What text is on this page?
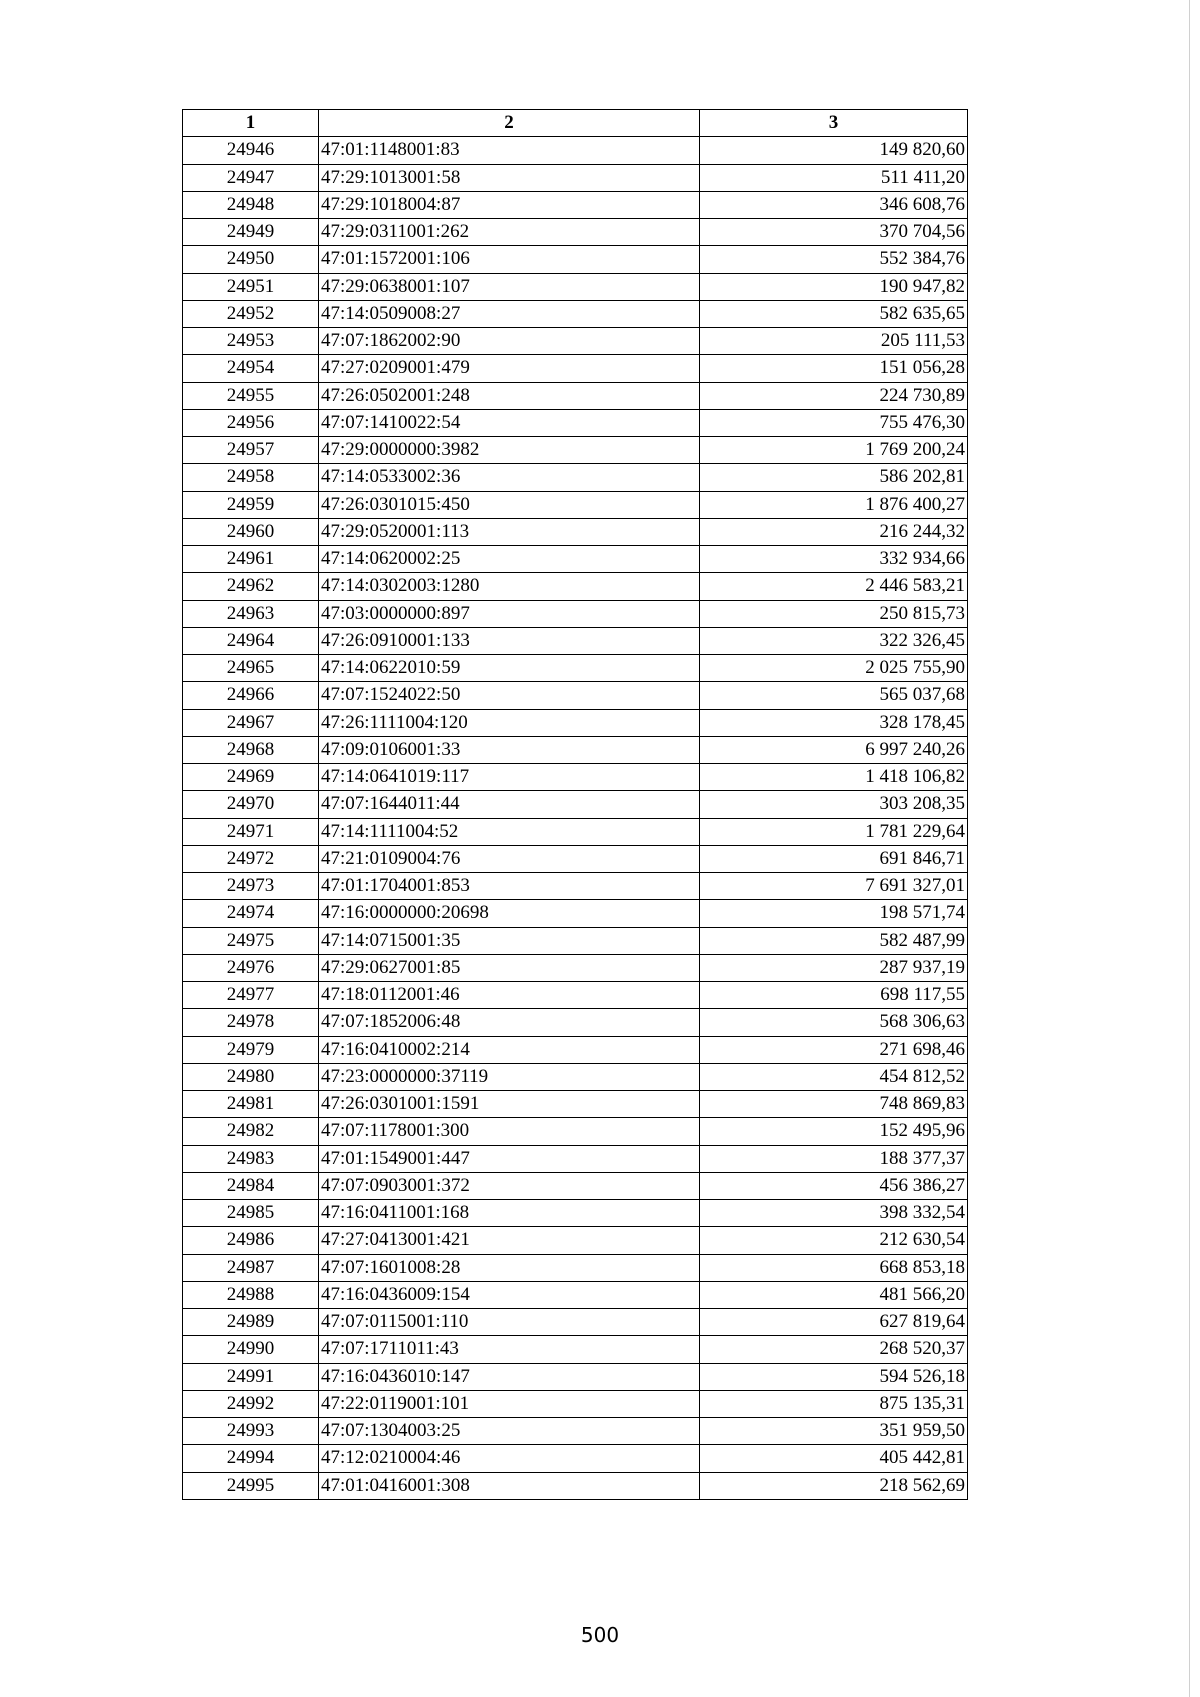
1	2	3
24946	47:01:1148001:83	149 820,60
24947	47:29:1013001:58	511 411,20
24948	47:29:1018004:87	346 608,76
24949	47:29:0311001:262	370 704,56
24950	47:01:1572001:106	552 384,76
24951	47:29:0638001:107	190 947,82
24952	47:14:0509008:27	582 635,65
24953	47:07:1862002:90	205 111,53
24954	47:27:0209001:479	151 056,28
24955	47:26:0502001:248	224 730,89
24956	47:07:1410022:54	755 476,30
24957	47:29:0000000:3982	1 769 200,24
24958	47:14:0533002:36	586 202,81
24959	47:26:0301015:450	1 876 400,27
24960	47:29:0520001:113	216 244,32
24961	47:14:0620002:25	332 934,66
24962	47:14:0302003:1280	2 446 583,21
24963	47:03:0000000:897	250 815,73
24964	47:26:0910001:133	322 326,45
24965	47:14:0622010:59	2 025 755,90
24966	47:07:1524022:50	565 037,68
24967	47:26:1111004:120	328 178,45
24968	47:09:0106001:33	6 997 240,26
24969	47:14:0641019:117	1 418 106,82
24970	47:07:1644011:44	303 208,35
24971	47:14:1111004:52	1 781 229,64
24972	47:21:0109004:76	691 846,71
24973	47:01:1704001:853	7 691 327,01
24974	47:16:0000000:20698	198 571,74
24975	47:14:0715001:35	582 487,99
24976	47:29:0627001:85	287 937,19
24977	47:18:0112001:46	698 117,55
24978	47:07:1852006:48	568 306,63
24979	47:16:0410002:214	271 698,46
24980	47:23:0000000:37119	454 812,52
24981	47:26:0301001:1591	748 869,83
24982	47:07:1178001:300	152 495,96
24983	47:01:1549001:447	188 377,37
24984	47:07:0903001:372	456 386,27
24985	47:16:0411001:168	398 332,54
24986	47:27:0413001:421	212 630,54
24987	47:07:1601008:28	668 853,18
24988	47:16:0436009:154	481 566,20
24989	47:07:0115001:110	627 819,64
24990	47:07:1711011:43	268 520,37
24991	47:16:0436010:147	594 526,18
24992	47:22:0119001:101	875 135,31
24993	47:07:1304003:25	351 959,50
24994	47:12:0210004:46	405 442,81
24995	47:01:0416001:308	218 562,69
500
